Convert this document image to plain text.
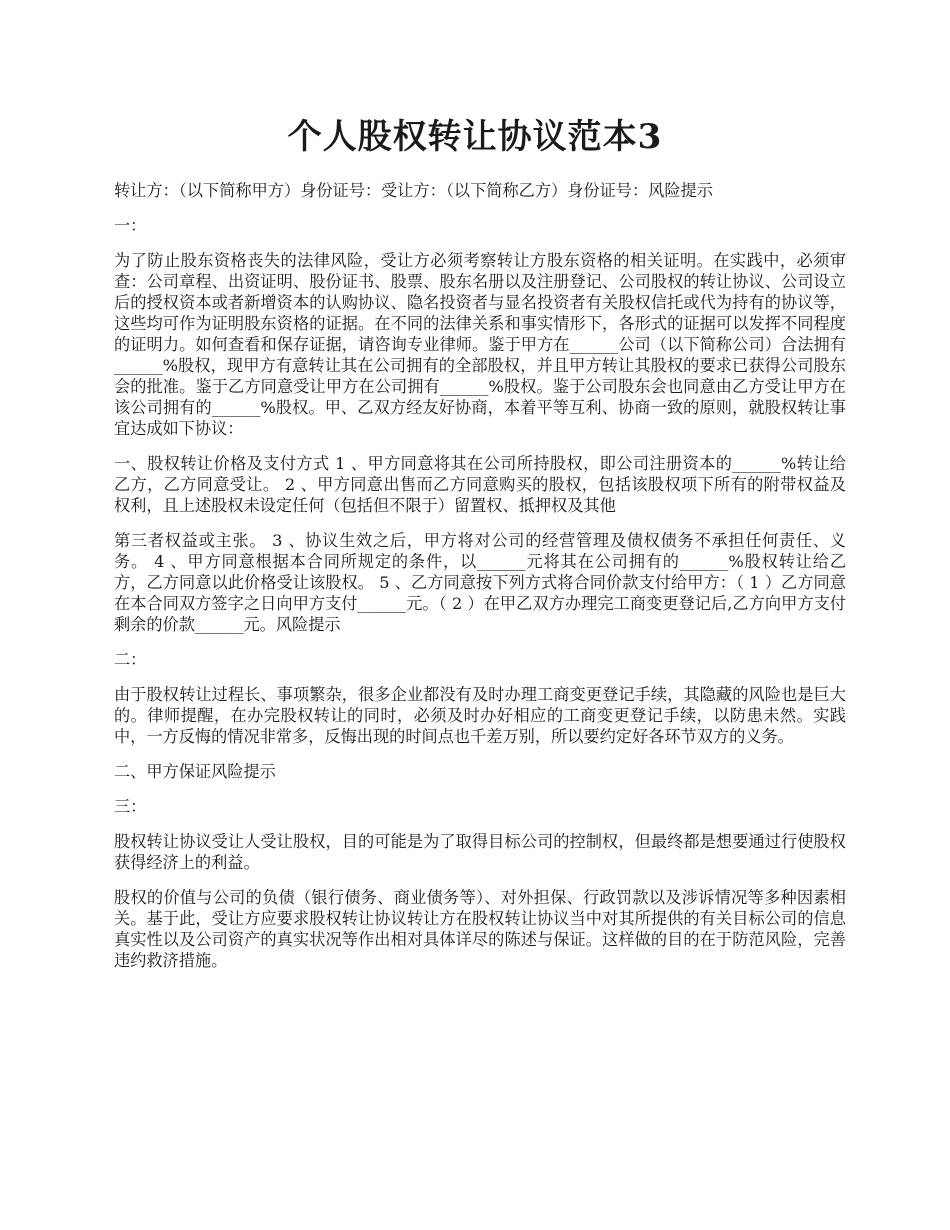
个人股权转让协议范本3

转让方：（以下简称甲方）身份证号：受让方：（以下简称乙方）身份证号：风险提示

一：

为了防止股东资格丧失的法律风险，受让方必须考察转让方股东资格的相关证明。在实践中，必须审查：公司章程、出资证明、股份证书、股票、股东名册以及注册登记、公司股权的转让协议、公司设立后的授权资本或者新增资本的认购协议、隐名投资者与显名投资者有关股权信托或代为持有的协议等，这些均可作为证明股东资格的证据。在不同的法律关系和事实情形下，各形式的证据可以发挥不同程度的证明力。如何查看和保存证据，请咨询专业律师。鉴于甲方在______公司（以下简称公司）合法拥有______%股权，现甲方有意转让其在公司拥有的全部股权，并且甲方转让其股权的要求已获得公司股东会的批准。鉴于乙方同意受让甲方在公司拥有______%股权。鉴于公司股东会也同意由乙方受让甲方在该公司拥有的______%股权。甲、乙双方经友好协商，本着平等互利、协商一致的原则，就股权转让事宜达成如下协议：

一、股权转让价格及支付方式 1 、甲方同意将其在公司所持股权，即公司注册资本的______%转让给乙方，乙方同意受让。 2 、甲方同意出售而乙方同意购买的股权，包括该股权项下所有的附带权益及权利，且上述股权未设定任何（包括但不限于）留置权、抵押权及其他

第三者权益或主张。 3 、协议生效之后，甲方将对公司的经营管理及债权债务不承担任何责任、义务。 4 、甲方同意根据本合同所规定的条件，以______元将其在公司拥有的______%股权转让给乙方，乙方同意以此价格受让该股权。 5 、乙方同意按下列方式将合同价款支付给甲方：（ 1 ）乙方同意在本合同双方签字之日向甲方支付______元。（ 2 ）在甲乙双方办理完工商变更登记后,乙方向甲方支付剩余的价款______元。风险提示

二：

由于股权转让过程长、事项繁杂，很多企业都没有及时办理工商变更登记手续，其隐藏的风险也是巨大的。律师提醒，在办完股权转让的同时，必须及时办好相应的工商变更登记手续，以防患未然。实践中，一方反悔的情况非常多，反悔出现的时间点也千差万别，所以要约定好各环节双方的义务。

二、甲方保证风险提示

三：

股权转让协议受让人受让股权，目的可能是为了取得目标公司的控制权，但最终都是想要通过行使股权获得经济上的利益。

股权的价值与公司的负债（银行债务、商业债务等）、对外担保、行政罚款以及涉诉情况等多种因素相关。基于此，受让方应要求股权转让协议转让方在股权转让协议当中对其所提供的有关目标公司的信息真实性以及公司资产的真实状况等作出相对具体详尽的陈述与保证。这样做的目的在于防范风险，完善违约救济措施。
